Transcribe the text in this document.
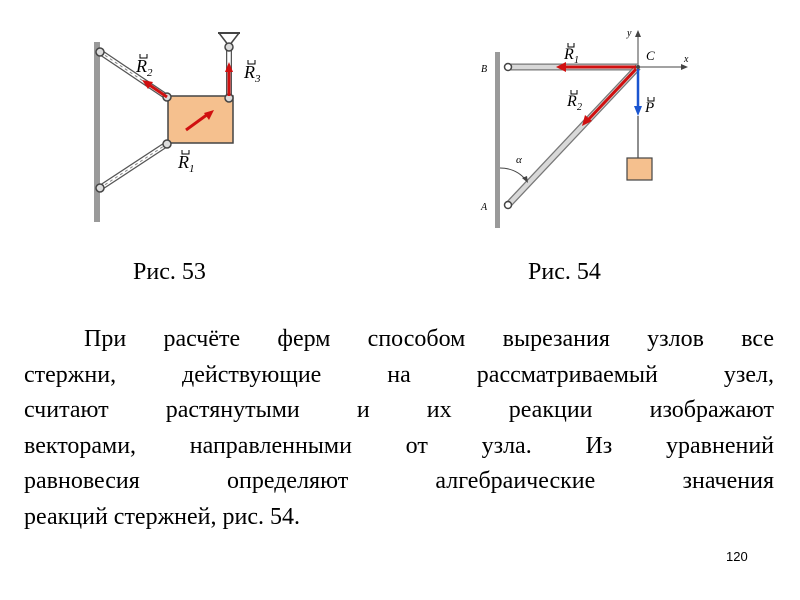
R 2	R 3
R 1
B
A
C	x
y
α
R 1
R 2	P
Рис. 53	Рис. 54

При расчёте ферм способом вырезания узлов все
стержни, действующие на рассматриваемый узел,
считают растянутыми и их реакции изображают
векторами, направленными от узла. Из уравнений
равновесия определяют алгебраические значения
реакций стержней, рис. 54.

120
